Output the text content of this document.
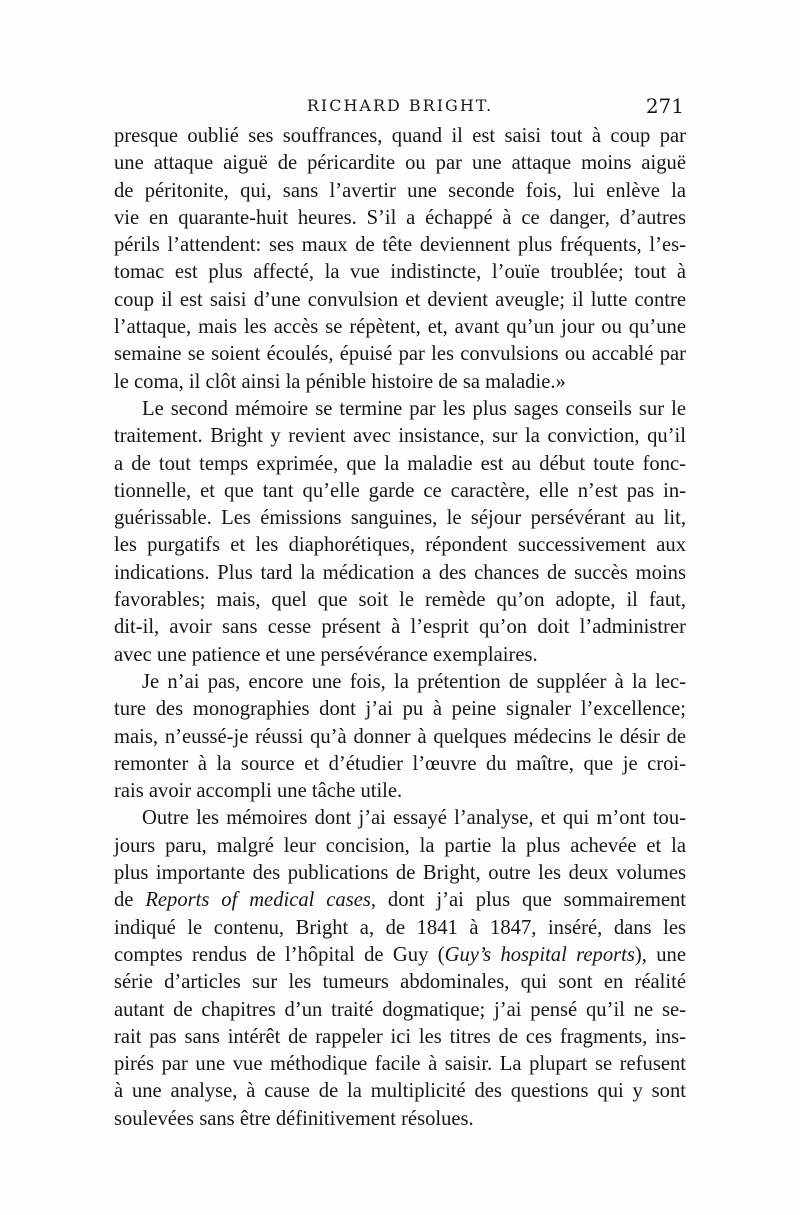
RICHARD BRIGHT.	271
presque oublié ses souffrances, quand il est saisi tout à coup par
une attaque aiguë de péricardite ou par une attaque moins aiguë
de péritonite, qui, sans l’avertir une seconde fois, lui enlève la
vie en quarante-huit heures. S’il a échappé à ce danger, d’autres
périls l’attendent: ses maux de tête deviennent plus fréquents, l’es-
tomac est plus affecté, la vue indistincte, l’ouïe troublée; tout à
coup il est saisi d’une convulsion et devient aveugle; il lutte contre
l’attaque, mais les accès se répètent, et, avant qu’un jour ou qu’une
semaine se soient écoulés, épuisé par les convulsions ou accablé par
le coma, il clôt ainsi la pénible histoire de sa maladie.»
Le second mémoire se termine par les plus sages conseils sur le
traitement. Bright y revient avec insistance, sur la conviction, qu’il
a de tout temps exprimée, que la maladie est au début toute fonc-
tionnelle, et que tant qu’elle garde ce caractère, elle n’est pas in-
guérissable. Les émissions sanguines, le séjour persévérant au lit,
les purgatifs et les diaphorétiques, répondent successivement aux
indications. Plus tard la médication a des chances de succès moins
favorables; mais, quel que soit le remède qu’on adopte, il faut,
dit-il, avoir sans cesse présent à l’esprit qu’on doit l’administrer
avec une patience et une persévérance exemplaires.
Je n’ai pas, encore une fois, la prétention de suppléer à la lec-
ture des monographies dont j’ai pu à peine signaler l’excellence;
mais, n’eussé-je réussi qu’à donner à quelques médecins le désir de
remonter à la source et d’étudier l’œuvre du maître, que je croi-
rais avoir accompli une tâche utile.
Outre les mémoires dont j’ai essayé l’analyse, et qui m’ont tou-
jours paru, malgré leur concision, la partie la plus achevée et la
plus importante des publications de Bright, outre les deux volumes
de Reports of medical cases, dont j’ai plus que sommairement
indiqué le contenu, Bright a, de 1841 à 1847, inséré, dans les
comptes rendus de l’hôpital de Guy (Guy’s hospital reports), une
série d’articles sur les tumeurs abdominales, qui sont en réalité
autant de chapitres d’un traité dogmatique; j’ai pensé qu’il ne se-
rait pas sans intérêt de rappeler ici les titres de ces fragments, ins-
pirés par une vue méthodique facile à saisir. La plupart se refusent
à une analyse, à cause de la multiplicité des questions qui y sont
soulevées sans être définitivement résolues.
